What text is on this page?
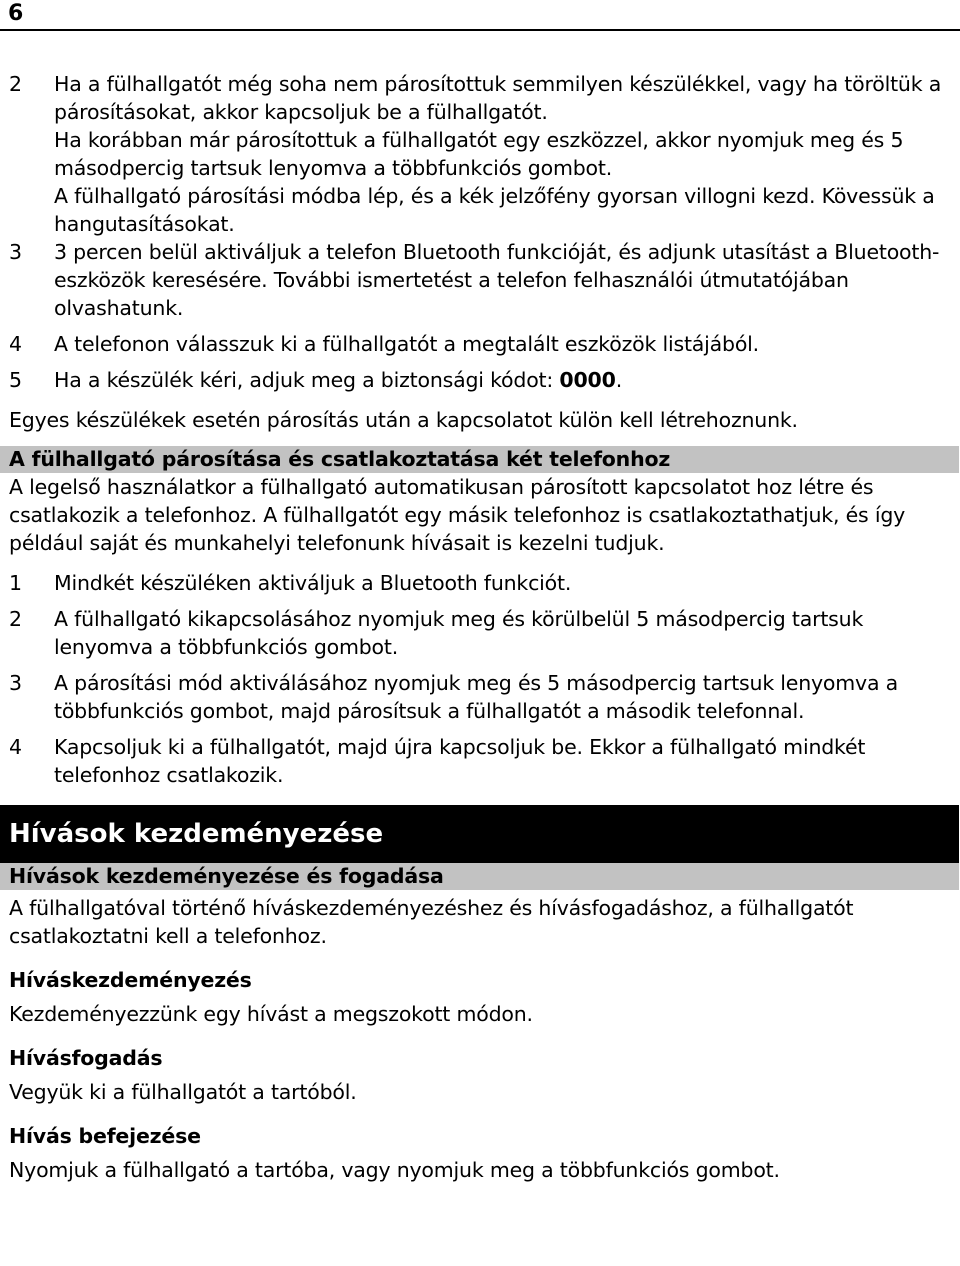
6
2 Ha a fülhallgatót még soha nem párosítottuk semmilyen készülékkel, vagy ha töröltük a párosításokat, akkor kapcsoljuk be a fülhallgatót.
Ha korábban már párosítottuk a fülhallgatót egy eszközzel, akkor nyomjuk meg és 5 másodpercig tartsuk lenyomva a többfunkciós gombot.
A fülhallgató párosítási módba lép, és a kék jelzőfény gyorsan villogni kezd. Kövessük a hangutasításokat.
3 3 percen belül aktiváljuk a telefon Bluetooth funkcióját, és adjunk utasítást a Bluetooth-eszközök keresésére. További ismertetést a telefon felhasználói útmutatójában olvashatunk.
4 A telefonon válasszuk ki a fülhallgatót a megtalált eszközök listájából.
5 Ha a készülék kéri, adjuk meg a biztonsági kódot: 0000.

Egyes készülékek esetén párosítás után a kapcsolatot külön kell létrehoznunk.

A fülhallgató párosítása és csatlakoztatása két telefonhoz

A legelső használatkor a fülhallgató automatikusan párosított kapcsolatot hoz létre és csatlakozik a telefonhoz. A fülhallgatót egy másik telefonhoz is csatlakoztathatjuk, és így például saját és munkahelyi telefonunk hívásait is kezelni tudjuk.

1 Mindkét készüléken aktiváljuk a Bluetooth funkciót.
2 A fülhallgató kikapcsolásához nyomjuk meg és körülbelül 5 másodpercig tartsuk lenyomva a többfunkciós gombot.
3 A párosítási mód aktiválásához nyomjuk meg és 5 másodpercig tartsuk lenyomva a többfunkciós gombot, majd párosítsuk a fülhallgatót a második telefonnal.
4 Kapcsoljuk ki a fülhallgatót, majd újra kapcsoljuk be. Ekkor a fülhallgató mindkét telefonhoz csatlakozik.
Hívások kezdeményezése
Hívások kezdeményezése és fogadása

A fülhallgatóval történő híváskezdeményezéshez és hívásfogadáshoz, a fülhallgatót csatlakoztatni kell a telefonhoz.

Híváskezdeményezés

Kezdeményezzünk egy hívást a megszokott módon.

Hívásfogadás

Vegyük ki a fülhallgatót a tartóból.

Hívás befejezése

Nyomjuk a fülhallgató a tartóba, vagy nyomjuk meg a többfunkciós gombot.
